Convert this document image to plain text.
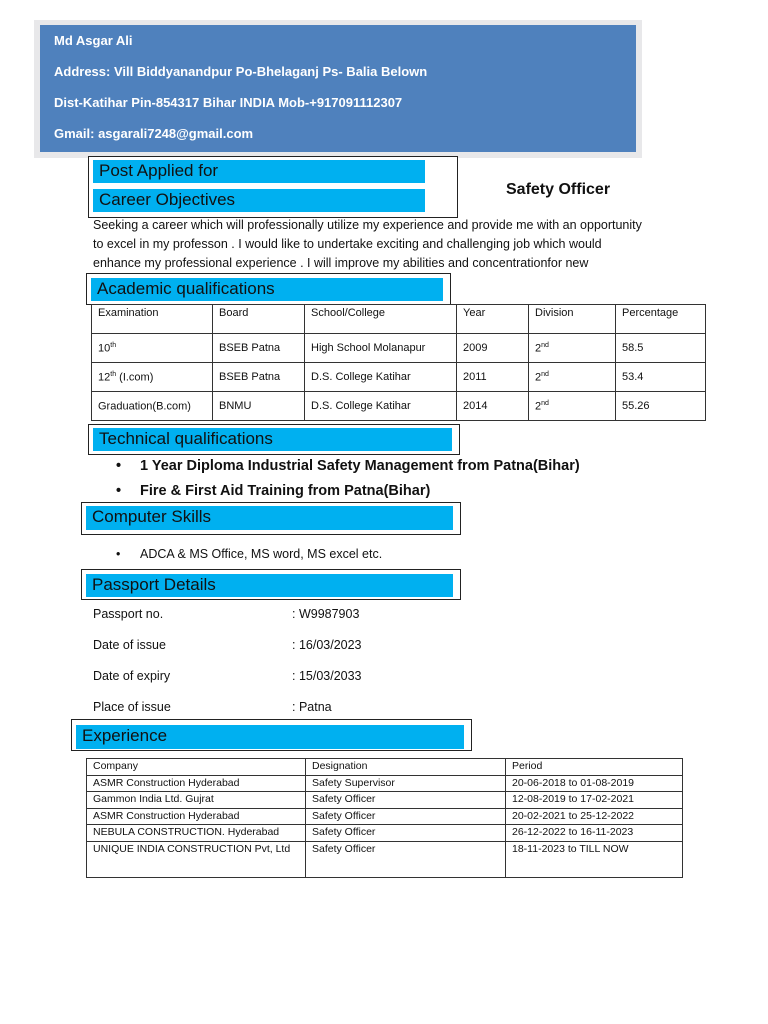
Md Asgar Ali
Address: Vill Biddyanandpur Po-Bhelaganj Ps- Balia Belown
Dist-Katihar Pin-854317 Bihar INDIA Mob-+917091112307
Gmail: asgarali7248@gmail.com
Post Applied for
Career Objectives
Safety Officer
Seeking a career which will professionally utilize my experience and provide me with an opportunity
to excel in my professon . I would like to undertake exciting and challenging job which would
enhance my professional experience . I will improve my abilities and concentrationfor new
Academic qualifications
Examination	Board	School/College	Year	Division	Percentage
10th	BSEB Patna	High School Molanapur	2009	2nd	58.5
12th (I.com)	BSEB Patna	D.S. College Katihar	2011	2nd	53.4
Graduation(B.com)	BNMU	D.S. College Katihar	2014	2nd	55.26
Technical qualifications
• 1 Year Diploma Industrial Safety Management from Patna(Bihar)
• Fire & First Aid Training from Patna(Bihar)
Computer Skills
• ADCA & MS Office, MS word, MS excel etc.
Passport Details
Passport no.	: W9987903
Date of issue	: 16/03/2023
Date of expiry	: 15/03/2033
Place of issue	: Patna
Experience
Company	Designation	Period
ASMR Construction Hyderabad	Safety Supervisor	20-06-2018 to 01-08-2019
Gammon India Ltd. Gujrat	Safety Officer	12-08-2019 to 17-02-2021
ASMR Construction Hyderabad	Safety Officer	20-02-2021 to 25-12-2022
NEBULA CONSTRUCTION. Hyderabad	Safety Officer	26-12-2022 to 16-11-2023
UNIQUE INDIA CONSTRUCTION Pvt, Ltd	Safety Officer	18-11-2023 to TILL NOW
